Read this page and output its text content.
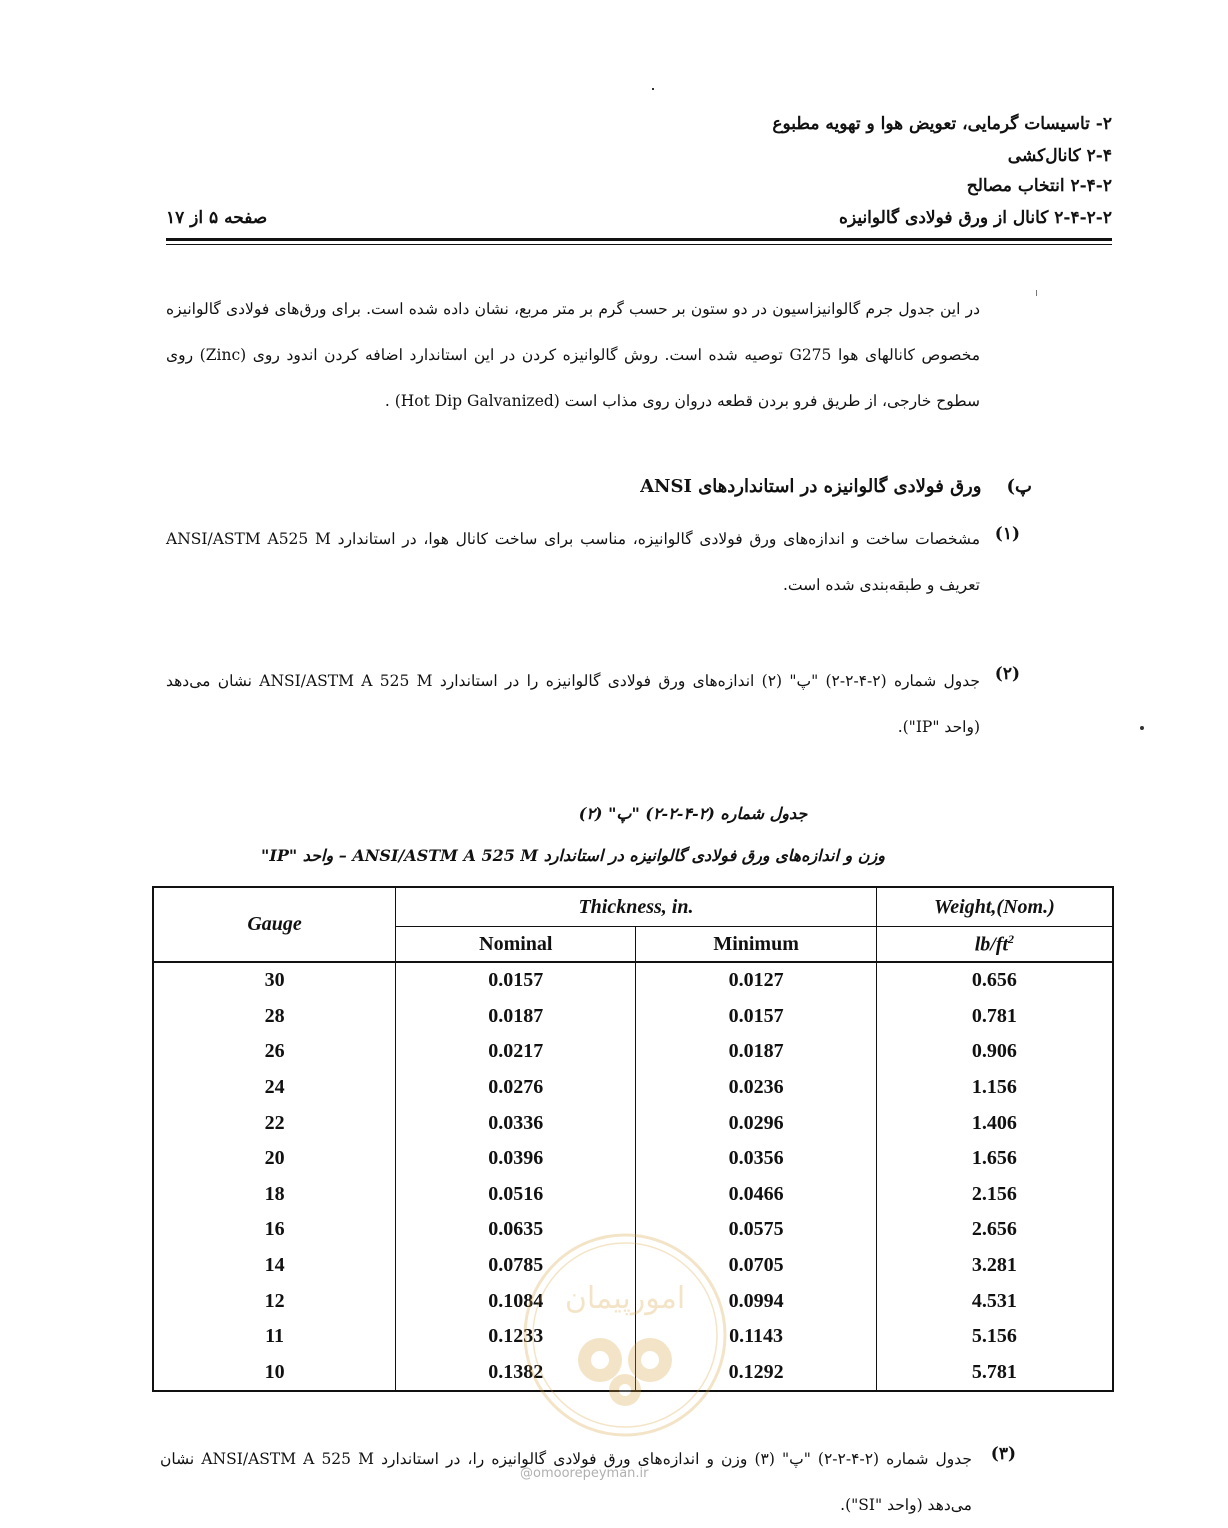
۲- تاسیسات گرمایی، تعویض هوا و تهویه مطبوع
۲-۴ کانال‌کشی
۲-۴-۲ انتخاب مصالح
۲-۴-۲-۲ کانال از ورق فولادی گالوانیزه
صفحه ۵ از ۱۷
در این جدول جرم گالوانیزاسیون در دو ستون بر حسب گرم بر متر مربع، نشان داده شده است. برای ورق‌های فولادی گالوانیزه مخصوص کانالهای هوا G275 توصیه شده است. روش گالوانیزه کردن در این استاندارد اضافه کردن اندود روی (Zinc) روی سطوح خارجی، از طریق فرو بردن قطعه دروان روی مذاب است (Hot Dip Galvanized) .
پ)    ورق فولادی گالوانیزه در استانداردهای ANSI
(۱)
مشخصات ساخت و اندازه‌های ورق فولادی گالوانیزه، مناسب برای ساخت کانال هوا، در استاندارد ANSI/ASTM A525 M تعریف و طبقه‌بندی شده است.
(۲)
جدول شماره (۲-۴-۲-۲) "پ" (۲) اندازه‌های ورق فولادی گالوانیزه را در استاندارد ANSI/ASTM A 525 M نشان می‌دهد (واحد "IP").
جدول شماره (۲-۴-۲-۲) "پ" (۲)
وزن و اندازه‌های ورق فولادی گالوانیزه در استاندارد ANSI/ASTM A 525 M – واحد "IP"
Gauge	Thickness, in.		Weight,(Nom.)
	Nominal	Minimum	$lb/ft^2$
30	0.0157	0.0127	0.656
28	0.0187	0.0157	0.781
26	0.0217	0.0187	0.906
24	0.0276	0.0236	1.156
22	0.0336	0.0296	1.406
20	0.0396	0.0356	1.656
18	0.0516	0.0466	2.156
16	0.0635	0.0575	2.656
14	0.0785	0.0705	3.281
12	0.1084	0.0994	4.531
11	0.1233	0.1143	5.156
10	0.1382	0.1292	5.781
امورپیمان
@omoorepeyman.ir
(۳)
جدول شماره (۲-۴-۲-۲) "پ" (۳) وزن و اندازه‌های ورق فولادی گالوانیزه را، در استاندارد ANSI/ASTM A 525 M نشان می‌دهد (واحد "SI").
